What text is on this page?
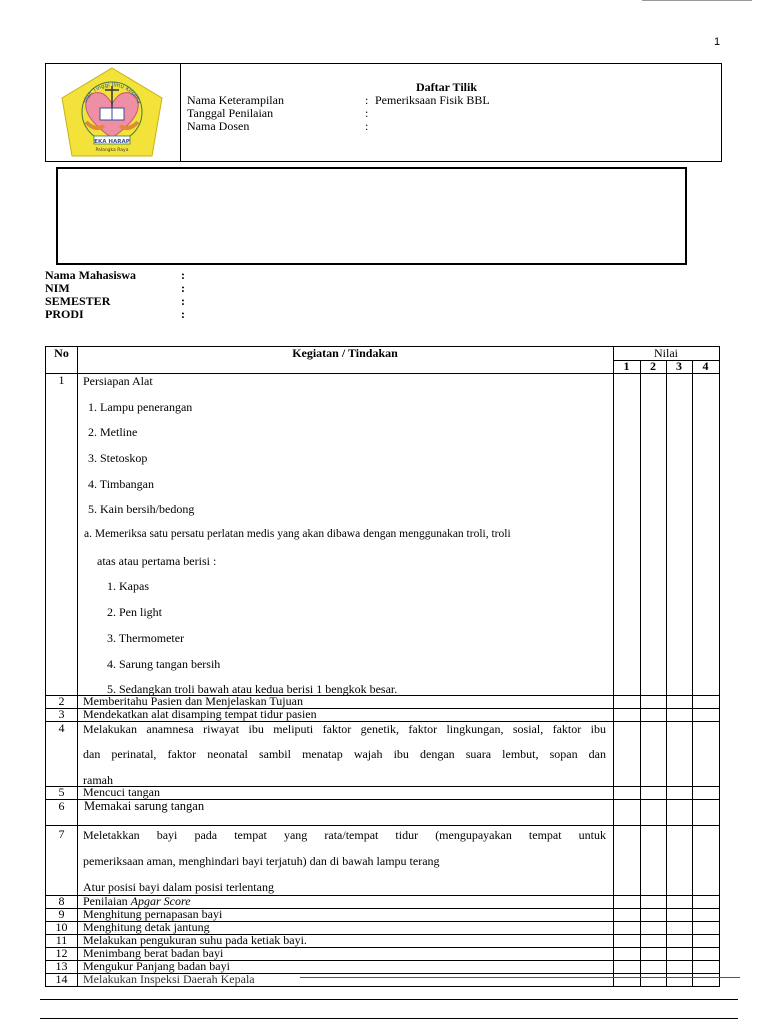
1
EKA HARAP
Palangka Raya
olah Tinggi Ilmu Keseha
Daftar Tilik
Nama Keterampilan	: Pemeriksaan Fisik BBL
Tanggal Penilaian	:
Nama Dosen	:
Nama Mahasiswa	:
NIM	:
SEMESTER	:
PRODI	:
No	Kegiatan / Tindakan	Nilai
1	2	3	4
1	Persiapan Alat
1. Lampu penerangan
2. Metline
3. Stetoskop
4. Timbangan
5. Kain bersih/bedong
a. Memeriksa satu persatu perlatan medis yang akan dibawa dengan menggunakan troli, troli
atas atau pertama berisi :
1. Kapas
2. Pen light
3. Thermometer
4. Sarung tangan bersih
5. Sedangkan troli bawah atau kedua berisi 1 bengkok besar.
2	Memberitahu Pasien dan Menjelaskan Tujuan
3	Mendekatkan alat disamping tempat tidur pasien
4	Melakukan anamnesa riwayat ibu meliputi faktor genetik, faktor lingkungan, sosial, faktor ibu
dan perinatal, faktor neonatal sambil menatap wajah ibu dengan suara lembut, sopan dan
ramah
5	Mencuci tangan
6	Memakai sarung tangan
7	Meletakkan bayi pada tempat yang rata/tempat tidur (mengupayakan tempat untuk
pemeriksaan aman, menghindari bayi terjatuh) dan di bawah lampu terang
Atur posisi bayi dalam posisi terlentang
8	Penilaian Apgar Score
9	Menghitung pernapasan bayi
10	Menghitung detak jantung
11	Melakukan pengukuran suhu pada ketiak bayi.
12	Menimbang berat badan bayi
13	Mengukur Panjang badan bayi
14	Melakukan Inspeksi Daerah Kepala
